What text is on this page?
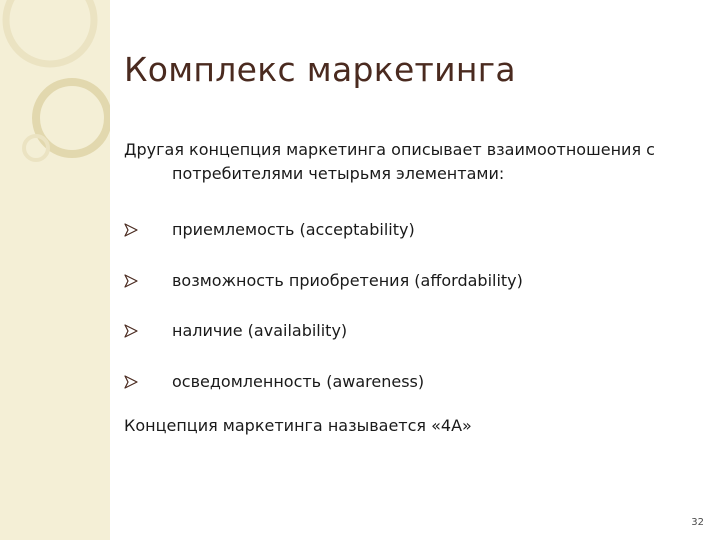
Комплекс маркетинга
Другая концепция маркетинга описывает взаимоотношения с
потребителями четырьмя элементами:
приемлемость (acceptability)
возможность приобретения (affordability)
наличие (availability)
осведомленность (awareness)
Концепция маркетинга называется «4А»
32
